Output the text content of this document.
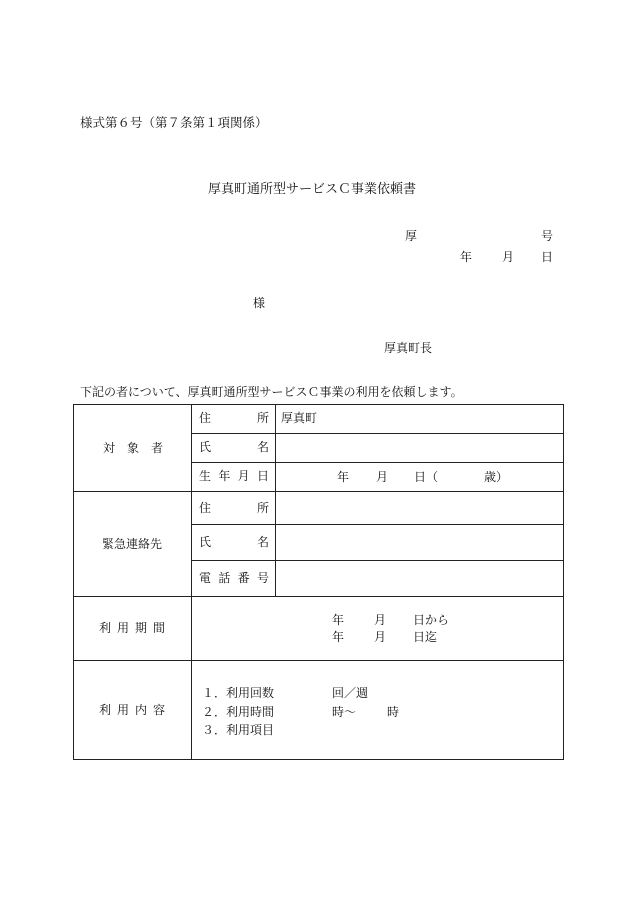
様式第６号（第７条第１項関係）
厚真町通所型サービスＣ事業依頼書
厚	号
年 月 日
様
厚真町長
下記の者について、厚真町通所型サービスＣ事業の利用を依頼します。
対 象 者
住	所 厚真町
氏	名
生 年 月 日	年 月 日（	歳）
緊急連絡先
住	所
氏	名
電 話 番 号
利 用 期 間
年 月 日から
年 月 日迄
利 用 内 容
１．利用回数	回／週
２．利用時間	時～	時
３．利用項目
